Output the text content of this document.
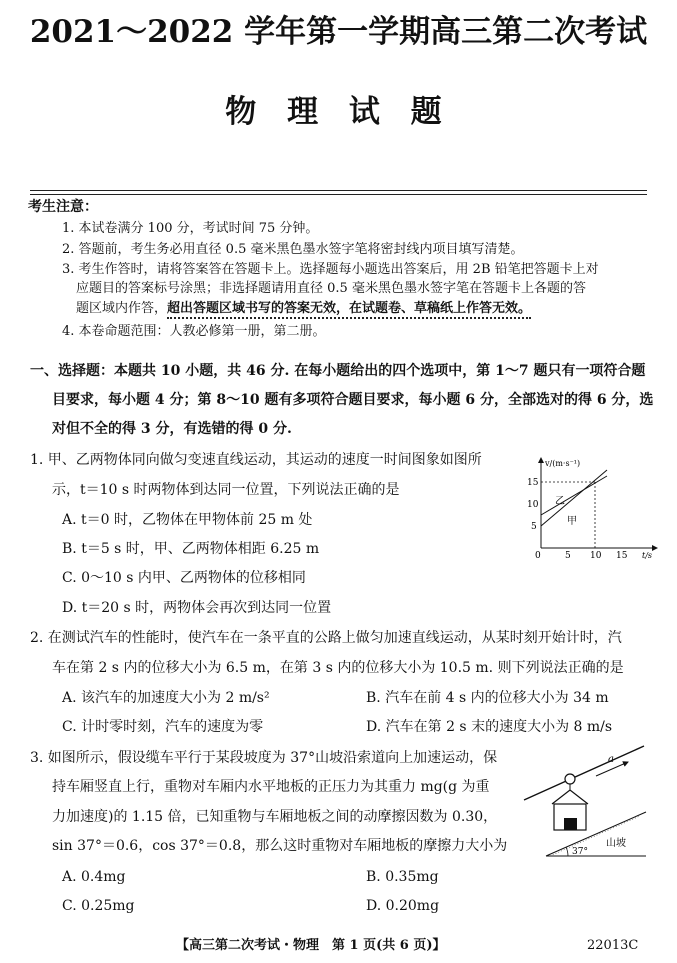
2021～2022 学年第一学期高三第二次考试
物 理 试 题
考生注意：
1. 本试卷满分 100 分，考试时间 75 分钟。
2. 答题前，考生务必用直径 0.5 毫米黑色墨水签字笔将密封线内项目填写清楚。
3. 考生作答时，请将答案答在答题卡上。选择题每小题选出答案后，用 2B 铅笔把答题卡上对
应题目的答案标号涂黑；非选择题请用直径 0.5 毫米黑色墨水签字笔在答题卡上各题的答
题区域内作答，超出答题区域书写的答案无效，在试题卷、草稿纸上作答无效。
4. 本卷命题范围：人教必修第一册，第二册。
一、选择题：本题共 10 小题，共 46 分. 在每小题给出的四个选项中，第 1～7 题只有一项符合题
目要求，每小题 4 分；第 8～10 题有多项符合题目要求，每小题 6 分，全部选对的得 6 分，选
对但不全的得 3 分，有选错的得 0 分.
1. 甲、乙两物体同向做匀变速直线运动，其运动的速度一时间图象如图所
示，t＝10 s 时两物体到达同一位置，下列说法正确的是
A. t＝0 时，乙物体在甲物体前 25 m 处
B. t＝5 s 时，甲、乙两物体相距 6.25 m
C. 0～10 s 内甲、乙两物体的位移相同
D. t＝20 s 时，两物体会再次到达同一位置
v/(m·s⁻¹)
15
10
5
0	5 10 15 t/s
乙
甲
2. 在测试汽车的性能时，使汽车在一条平直的公路上做匀加速直线运动，从某时刻开始计时，汽
车在第 2 s 内的位移大小为 6.5 m，在第 3 s 内的位移大小为 10.5 m. 则下列说法正确的是
A. 该汽车的加速度大小为 2 m/s²	B. 汽车在前 4 s 内的位移大小为 34 m
C. 计时零时刻，汽车的速度为零	D. 汽车在第 2 s 末的速度大小为 8 m/s
3. 如图所示，假设缆车平行于某段坡度为 37°山坡沿索道向上加速运动，保
持车厢竖直上行，重物对车厢内水平地板的正压力为其重力 mg(g 为重
力加速度)的 1.15 倍，已知重物与车厢地板之间的动摩擦因数为 0.30，
sin 37°＝0.6，cos 37°＝0.8，那么这时重物对车厢地板的摩擦力大小为
A. 0.4mg	B. 0.35mg
C. 0.25mg	D. 0.20mg
a
37°
山坡
【高三第二次考试・物理　第 1 页(共 6 页)】	22013C
